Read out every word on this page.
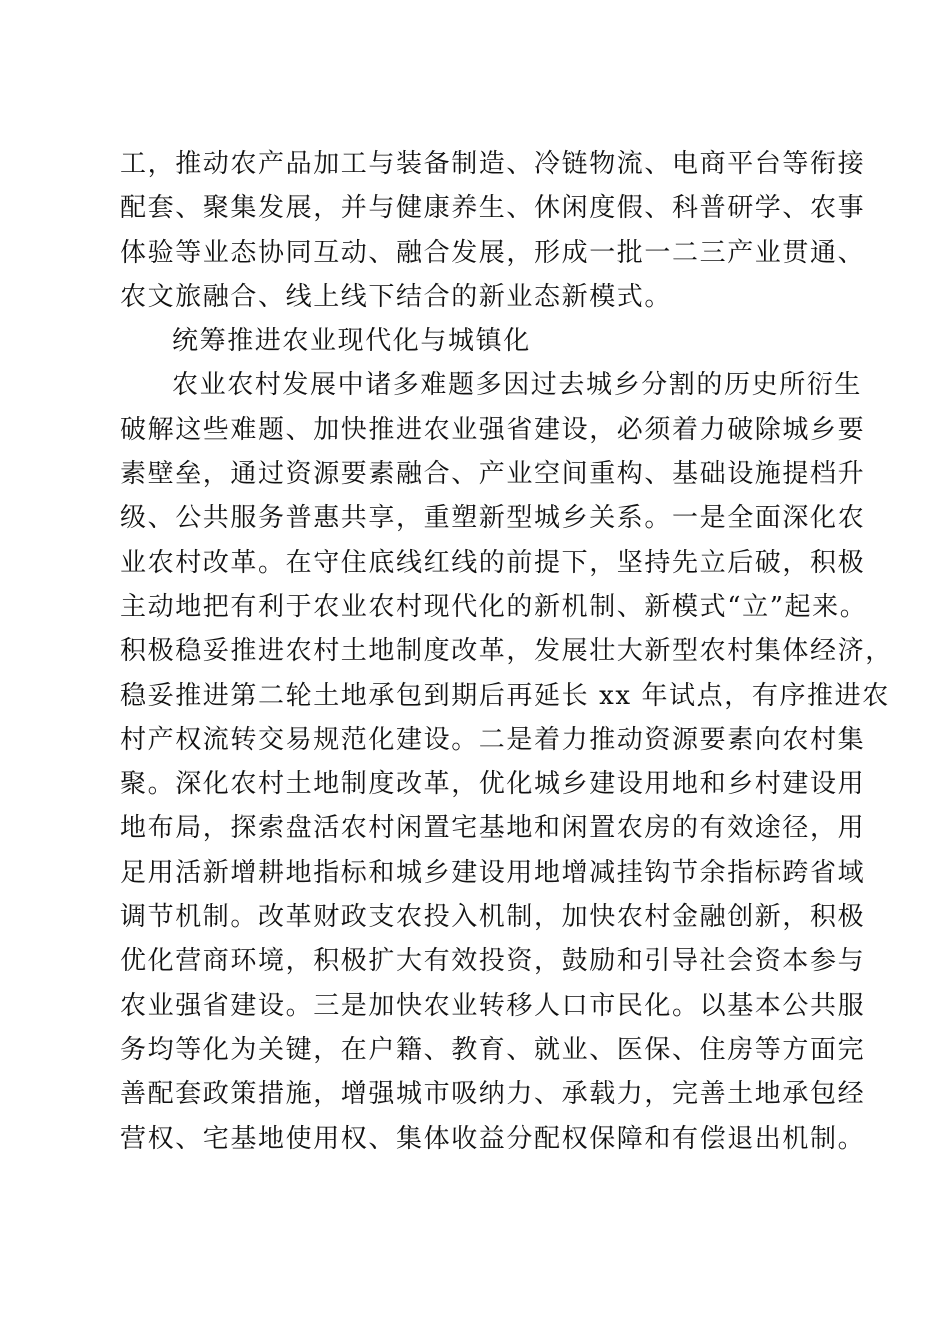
工，推动农产品加工与装备制造、冷链物流、电商平台等衔接
配套、聚集发展，并与健康养生、休闲度假、科普研学、农事
体验等业态协同互动、融合发展，形成一批一二三产业贯通、
农文旅融合、线上线下结合的新业态新模式。
统筹推进农业现代化与城镇化
农业农村发展中诸多难题多因过去城乡分割的历史所衍生
破解这些难题、加快推进农业强省建设，必须着力破除城乡要
素壁垒，通过资源要素融合、产业空间重构、基础设施提档升
级、公共服务普惠共享，重塑新型城乡关系。一是全面深化农
业农村改革。在守住底线红线的前提下，坚持先立后破，积极
主动地把有利于农业农村现代化的新机制、新模式“立”起来。
积极稳妥推进农村土地制度改革，发展壮大新型农村集体经济，
稳妥推进第二轮土地承包到期后再延长 xx 年试点，有序推进农
村产权流转交易规范化建设。二是着力推动资源要素向农村集
聚。深化农村土地制度改革，优化城乡建设用地和乡村建设用
地布局，探索盘活农村闲置宅基地和闲置农房的有效途径，用
足用活新增耕地指标和城乡建设用地增减挂钩节余指标跨省域
调节机制。改革财政支农投入机制，加快农村金融创新，积极
优化营商环境，积极扩大有效投资，鼓励和引导社会资本参与
农业强省建设。三是加快农业转移人口市民化。以基本公共服
务均等化为关键，在户籍、教育、就业、医保、住房等方面完
善配套政策措施，增强城市吸纳力、承载力，完善土地承包经
营权、宅基地使用权、集体收益分配权保障和有偿退出机制。
